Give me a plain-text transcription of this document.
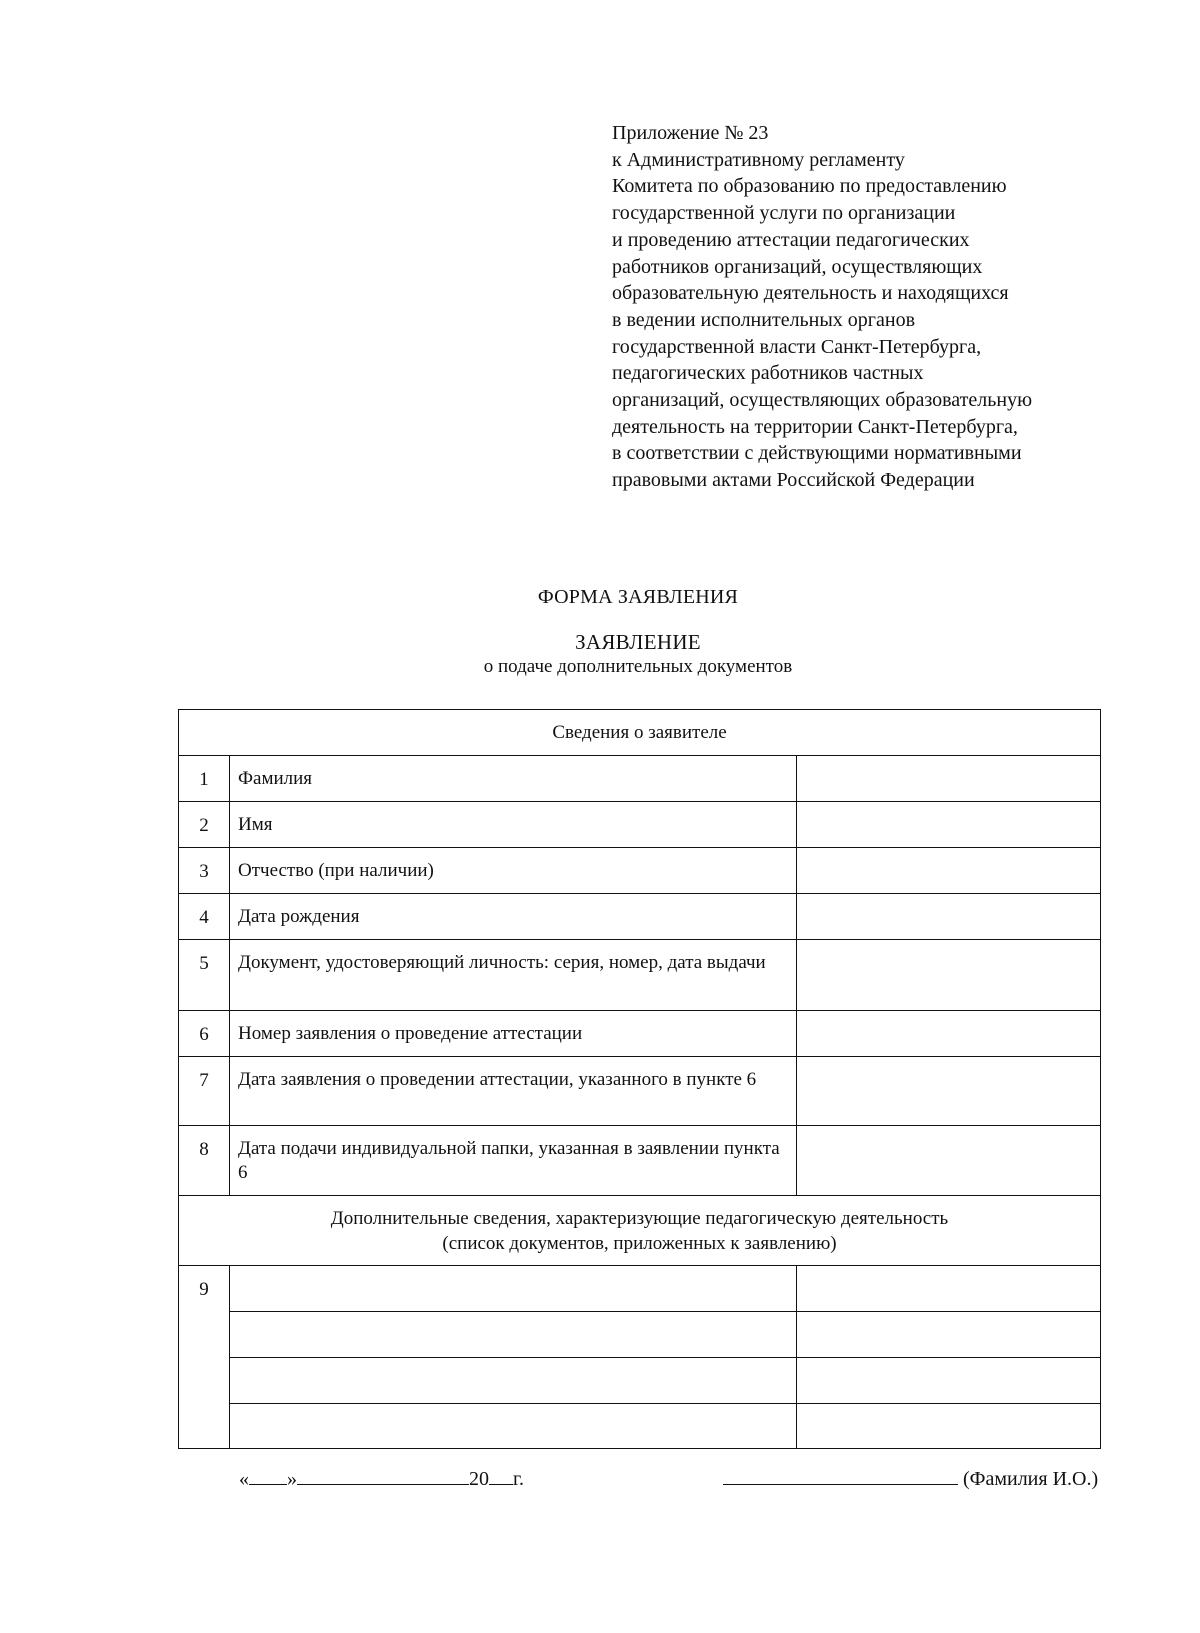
Приложение № 23
к Административному регламенту
Комитета по образованию по предоставлению
государственной услуги по организации
и проведению аттестации педагогических
работников организаций, осуществляющих
образовательную деятельность и находящихся
в ведении исполнительных органов
государственной власти Санкт-Петербурга,
педагогических работников частных
организаций, осуществляющих образовательную
деятельность на территории Санкт-Петербурга,
в соответствии с действующими нормативными
правовыми актами Российской Федерации
ФОРМА ЗАЯВЛЕНИЯ
ЗАЯВЛЕНИЕ
о подаче дополнительных документов
Сведения о заявителе		
1	Фамилия	
2	Имя	
3	Отчество (при наличии)	
4	Дата рождения	
5	Документ, удостоверяющий личность: серия, номер, дата выдачи	
6	Номер заявления о проведение аттестации	
7	Дата заявления о проведении аттестации, указанного в пункте 6	
8	Дата подачи индивидуальной папки, указанная в заявлении пункта 6	

Дополнительные сведения, характеризующие педагогическую деятельность
(список документов, приложенных к заявлению)		

9		

« »	20 г.	(Фамилия И.О.)
